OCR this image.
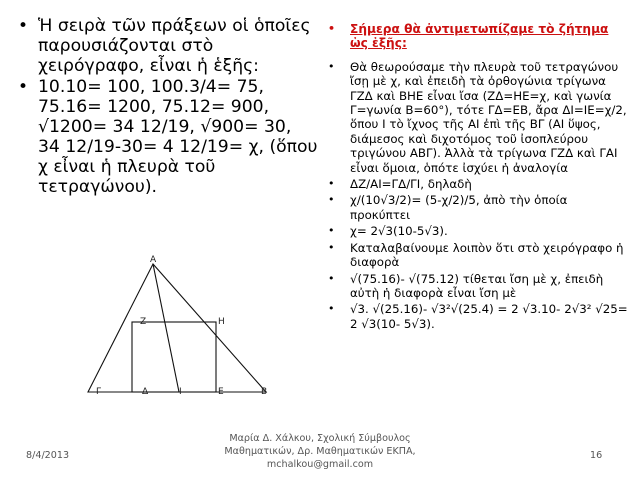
• Ἡ σειρὰ τῶν πράξεων οἱ ὁποῖες παρουσιάζονται στὸ χειρόγραφο, εἶναι ἡ ἑξῆς:
• 10.10= 100, 100.3/4= 75, 75.16= 1200, 75.12= 900, √1200= 34 12/19, √900= 30, 34 12/19-30= 4 12/19= χ, (ὅπου χ εἶναι ἡ πλευρὰ τοῦ τετραγώνου).
•	Σήμερα θὰ ἀντιμετωπίζαμε τὸ ζήτημα ὡς ἑξῆς:
•	Θὰ θεωρούσαμε τὴν πλευρὰ τοῦ τετραγώνου ἴσῃ μὲ χ, καὶ ἐπειδὴ τὰ ὀρθογώνια τρίγωνα ΓΖΔ καὶ ΒΗΕ εἶναι ἴσα (ΖΔ=ΗΕ=χ, καὶ γωνία Γ=γωνία Β=60°), τότε ΓΔ=ΕΒ, ἄρα ΔΙ=ΙΕ=χ/2, ὅπου Ι τὸ ἴχνος τῆς ΑΙ ἐπὶ τῆς ΒΓ (ΑΙ ὕψος, διάμεσος καὶ διχοτόμος τοῦ ἰσοπλεύρου τριγώνου ΑΒΓ). Ἀλλὰ τὰ τρίγωνα ΓΖΔ καὶ ΓΑΙ εἶναι ὅμοια, ὁπότε ἰσχύει ἡ ἀναλογία
•	ΔΖ/ΑΙ=ΓΔ/ΓΙ, δηλαδὴ
•	χ/(10√3/2)= (5-χ/2)/5, ἀπὸ τὴν ὁποία προκύπτει
•	χ= 2√3(10-5√3).
•	Καταλαβαίνουμε λοιπὸν ὅτι στὸ χειρόγραφο ἡ διαφορὰ
•	√(75.16)- √(75.12) τίθεται ἴση μὲ χ, ἐπειδὴ αὐτὴ ἡ διαφορὰ εἶναι ἴση μὲ
•	√3. √(25.16)- √3²√(25.4) = 2 √3.10- 2√3² √25= 2 √3(10- 5√3).
Α
Ζ	Η
Γ	Δ	Ι	Ε	Β
8/4/2013
Μαρία Δ. Χάλκου, Σχολική Σύμβουλος
Μαθηματικών, Δρ. Μαθηματικών ΕΚΠΑ,
mchalkou@gmail.com
16
